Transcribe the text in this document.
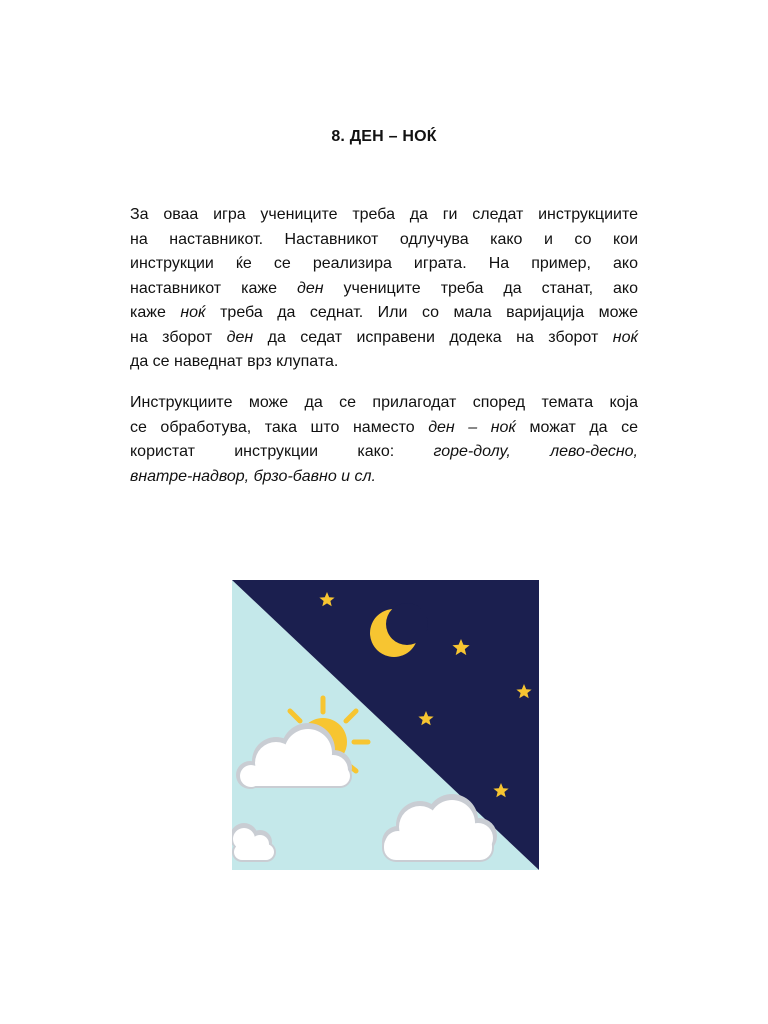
8. ДЕН – НОЌ
За оваа игра учениците треба да ги следат инструкциите
на наставникот. Наставникот одлучува како и со кои
инструкции ќе се реализира играта. На пример, ако
наставникот каже ден учениците треба да станат, ако
каже ноќ треба да седнат. Или со мала варијација може
на зборот ден да седат исправени додека на зборот ноќ
да се наведнат врз клупата.
Инструкциите може да се прилагодат според темата која
се обработува, така што наместо ден – ноќ можат да се
користат инструкции како: горе-долу, лево-десно,
внатре-надвор, брзо-бавно и сл.
